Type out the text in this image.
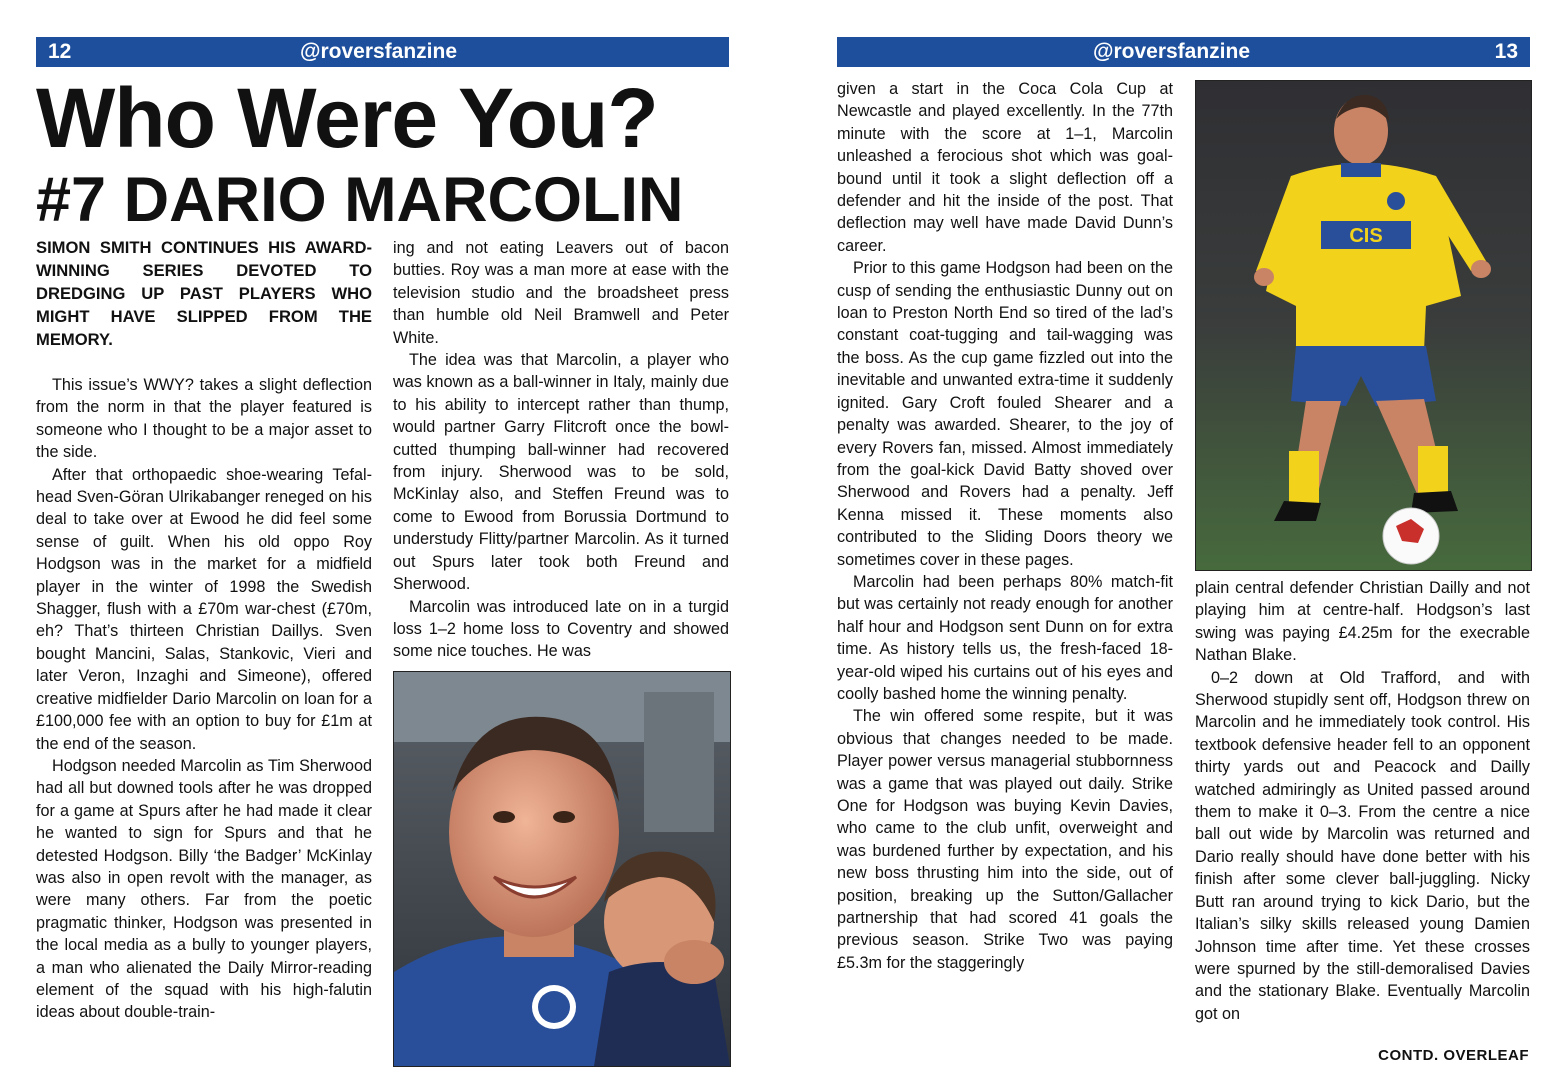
12	@roversfanzine	@roversfanzine	13
Who Were You?
#7 DARIO MARCOLIN
SIMON SMITH CONTINUES HIS AWARD-WINNING SERIES DEVOTED TO DREDGING UP PAST PLAYERS WHO MIGHT HAVE SLIPPED FROM THE MEMORY.

This issue’s WWY? takes a slight deflection from the norm in that the player featured is someone who I thought to be a major asset to the side.

After that orthopaedic shoe-wearing Tefal-head Sven-Göran Ulrikabanger reneged on his deal to take over at Ewood he did feel some sense of guilt. When his old oppo Roy Hodgson was in the market for a midfield player in the winter of 1998 the Swedish Shagger, flush with a £70m war-chest (£70m, eh? That’s thirteen Christian Daillys. Sven bought Mancini, Salas, Stankovic, Vieri and later Veron, Inzaghi and Simeone), offered creative midfielder Dario Marcolin on loan for a £100,000 fee with an option to buy for £1m at the end of the season.

Hodgson needed Marcolin as Tim Sherwood had all but downed tools after he was dropped for a game at Spurs after he had made it clear he wanted to sign for Spurs and that he detested Hodgson. Billy ‘the Badger’ McKinlay was also in open revolt with the manager, as were many others. Far from the poetic pragmatic thinker, Hodgson was presented in the local media as a bully to younger players, a man who alienated the Daily Mirror-reading element of the squad with his high-falutin ideas about double-train-

ing and not eating Leavers out of bacon butties. Roy was a man more at ease with the television studio and the broadsheet press than humble old Neil Bramwell and Peter White.

The idea was that Marcolin, a player who was known as a ball-winner in Italy, mainly due to his ability to intercept rather than thump, would partner Garry Flitcroft once the bowl-cutted thumping ball-winner had recovered from injury. Sherwood was to be sold, McKinlay also, and Steffen Freund was to come to Ewood from Borussia Dortmund to understudy Flitty/partner Marcolin. As it turned out Spurs later took both Freund and Sherwood.

Marcolin was introduced late on in a turgid loss 1–2 home loss to Coventry and showed some nice touches. He was

given a start in the Coca Cola Cup at Newcastle and played excellently. In the 77th minute with the score at 1–1, Marcolin unleashed a ferocious shot which was goal-bound until it took a slight deflection off a defender and hit the inside of the post. That deflection may well have made David Dunn’s career.

Prior to this game Hodgson had been on the cusp of sending the enthusiastic Dunny out on loan to Preston North End so tired of the lad’s constant coat-tugging and tail-wagging was the boss. As the cup game fizzled out into the inevitable and unwanted extra-time it suddenly ignited. Gary Croft fouled Shearer and a penalty was awarded. Shearer, to the joy of every Rovers fan, missed. Almost immediately from the goal-kick David Batty shoved over Sherwood and Rovers had a penalty. Jeff Kenna missed it. These moments also contributed to the Sliding Doors theory we sometimes cover in these pages.

Marcolin had been perhaps 80% match-fit but was certainly not ready enough for another half hour and Hodgson sent Dunn on for extra time. As history tells us, the fresh-faced 18-year-old wiped his curtains out of his eyes and coolly bashed home the winning penalty.

The win offered some respite, but it was obvious that changes needed to be made. Player power versus managerial stubbornness was a game that was played out daily. Strike One for Hodgson was buying Kevin Davies, who came to the club unfit, overweight and was burdened further by expectation, and his new boss thrusting him into the side, out of position, breaking up the Sutton/Gallacher partnership that had scored 41 goals the previous season. Strike Two was paying £5.3m for the staggeringly

CIS

plain central defender Christian Dailly and not playing him at centre-half. Hodgson’s last swing was paying £4.25m for the execrable Nathan Blake.

0–2 down at Old Trafford, and with Sherwood stupidly sent off, Hodgson threw on Marcolin and he immediately took control. His textbook defensive header fell to an opponent thirty yards out and Peacock and Dailly watched admiringly as United passed around them to make it 0–3. From the centre a nice ball out wide by Marcolin was returned and Dario really should have done better with his finish after some clever ball-juggling. Nicky Butt ran around trying to kick Dario, but the Italian’s silky skills released young Damien Johnson time after time. Yet these crosses were spurned by the still-demoralised Davies and the stationary Blake. Eventually Marcolin got on

CONTD. OVERLEAF
